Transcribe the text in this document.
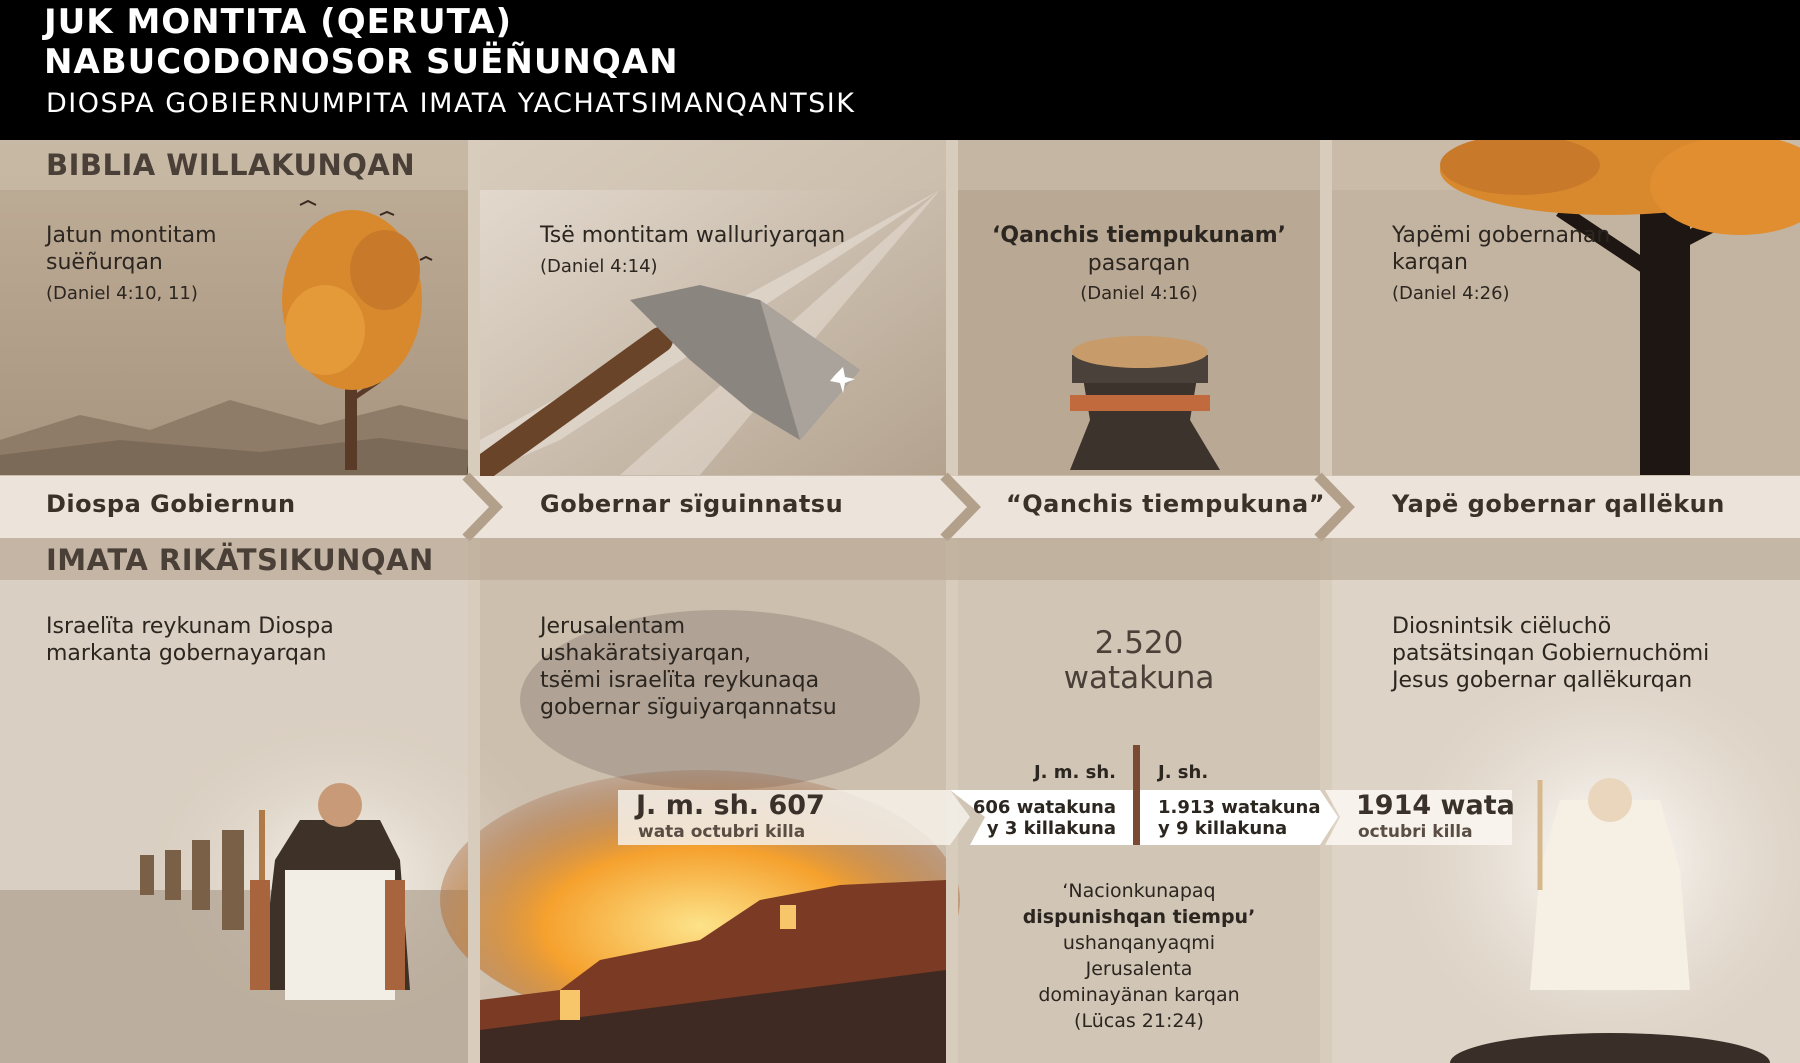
JUK MONTITA (QERUTA)
NABUCODONOSOR SUËÑUNQAN
DIOSPA GOBIERNUMPITA IMATA YACHATSIMANQANTSIK
BIBLIA WILLAKUNQAN
Jatun montitam
suëñurqan
(Daniel 4:10, 11)
Tsë montitam walluriyarqan
(Daniel 4:14)
‘Qanchis tiempukunam’
pasarqan
(Daniel 4:16)
Yapëmi gobernanan
karqan
(Daniel 4:26)
Diospa Gobiernun	Gobernar sïguinnatsu	“Qanchis tiempukuna”	Yapë gobernar qallëkun
IMATA RIKÄTSIKUNQAN
Israelïta reykunam Diospa
markanta gobernayarqan
Jerusalentam
ushakäratsiyarqan,
tsëmi israelïta reykunaqa
gobernar sïguiyarqannatsu
2.520
watakuna
Diosnintsik ciëluchö
patsätsinqan Gobiernuchömi
Jesus gobernar qallëkurqan
J. m. sh. 607
wata octubri killa
J. m. sh. J. sh.
606 watakuna
y 3 killakuna
1.913 watakuna
y 9 killakuna
1914 wata
octubri killa
‘Nacionkunapaq
dispunishqan tiempu’
ushanqanyaqmi
Jerusalenta
dominayänan karqan
(Lücas 21:24)
